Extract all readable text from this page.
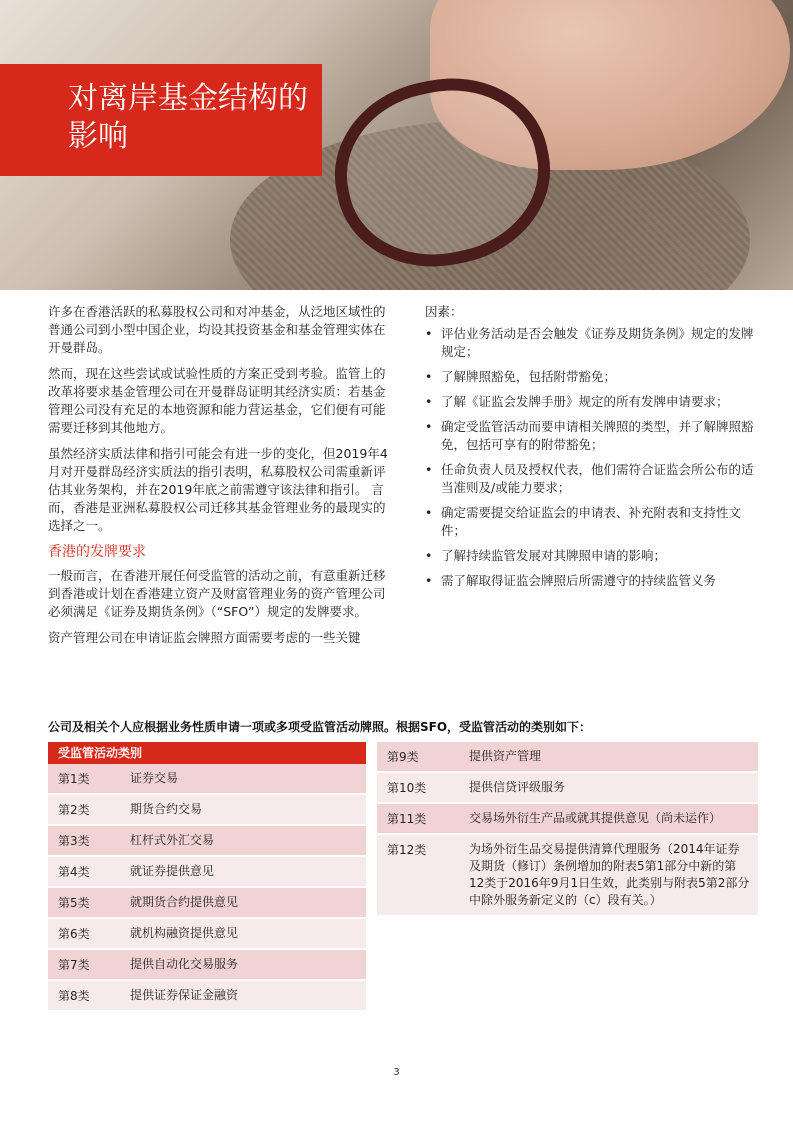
对离岸基金结构的影响

许多在香港活跃的私募股权公司和对冲基金，从泛地区域性的普通公司到小型中国企业，均设其投资基金和基金管理实体在开曼群岛。

然而，现在这些尝试或试验性质的方案正受到考验。监管上的改革将要求基金管理公司在开曼群岛证明其经济实质：若基金管理公司没有充足的本地资源和能力营运基金，它们便有可能需要迁移到其他地方。

虽然经济实质法律和指引可能会有进一步的变化，但2019年4月对开曼群岛经济实质法的指引表明，私募股权公司需重新评估其业务架构，并在2019年底之前需遵守该法律和指引。 言而，香港是亚洲私募股权公司迁移其基金管理业务的最现实的选择之一。

香港的发牌要求

一般而言，在香港开展任何受监管的活动之前，有意重新迁移到香港或计划在香港建立资产及财富管理业务的资产管理公司必须满足《证券及期货条例》（“SFO”）规定的发牌要求。

资产管理公司在申请证监会牌照方面需要考虑的一些关键

因素：
• 评估业务活动是否会触发《证券及期货条例》规定的发牌规定；
• 了解牌照豁免，包括附带豁免；
• 了解《证监会发牌手册》规定的所有发牌申请要求；
• 确定受监管活动而要申请相关牌照的类型，并了解牌照豁免，包括可享有的附带豁免；
• 任命负责人员及授权代表，他们需符合证监会所公布的适当准则及/或能力要求；
• 确定需要提交给证监会的申请表、补充附表和支持性文件；
• 了解持续监管发展对其牌照申请的影响；
• 需了解取得证监会牌照后所需遵守的持续监管义务
公司及相关个人应根据业务性质申请一项或多项受监管活动牌照。根据SFO，受监管活动的类别如下：
受监管活动类别
第1类	证券交易
第2类	期货合约交易
第3类	杠杆式外汇交易
第4类	就证券提供意见
第5类	就期货合约提供意见
第6类	就机构融资提供意见
第7类	提供自动化交易服务
第8类	提供证券保证金融资
第9类	提供资产管理
第10类	提供信贷评级服务
第11类	交易场外衍生产品或就其提供意见（尚未运作）
第12类	为场外衍生品交易提供清算代理服务（2014年证券及期货（修订）条例增加的附表5第1部分中新的第12类于2016年9月1日生效，此类别与附表5第2部分中除外服务新定义的（c）段有关。）
3
